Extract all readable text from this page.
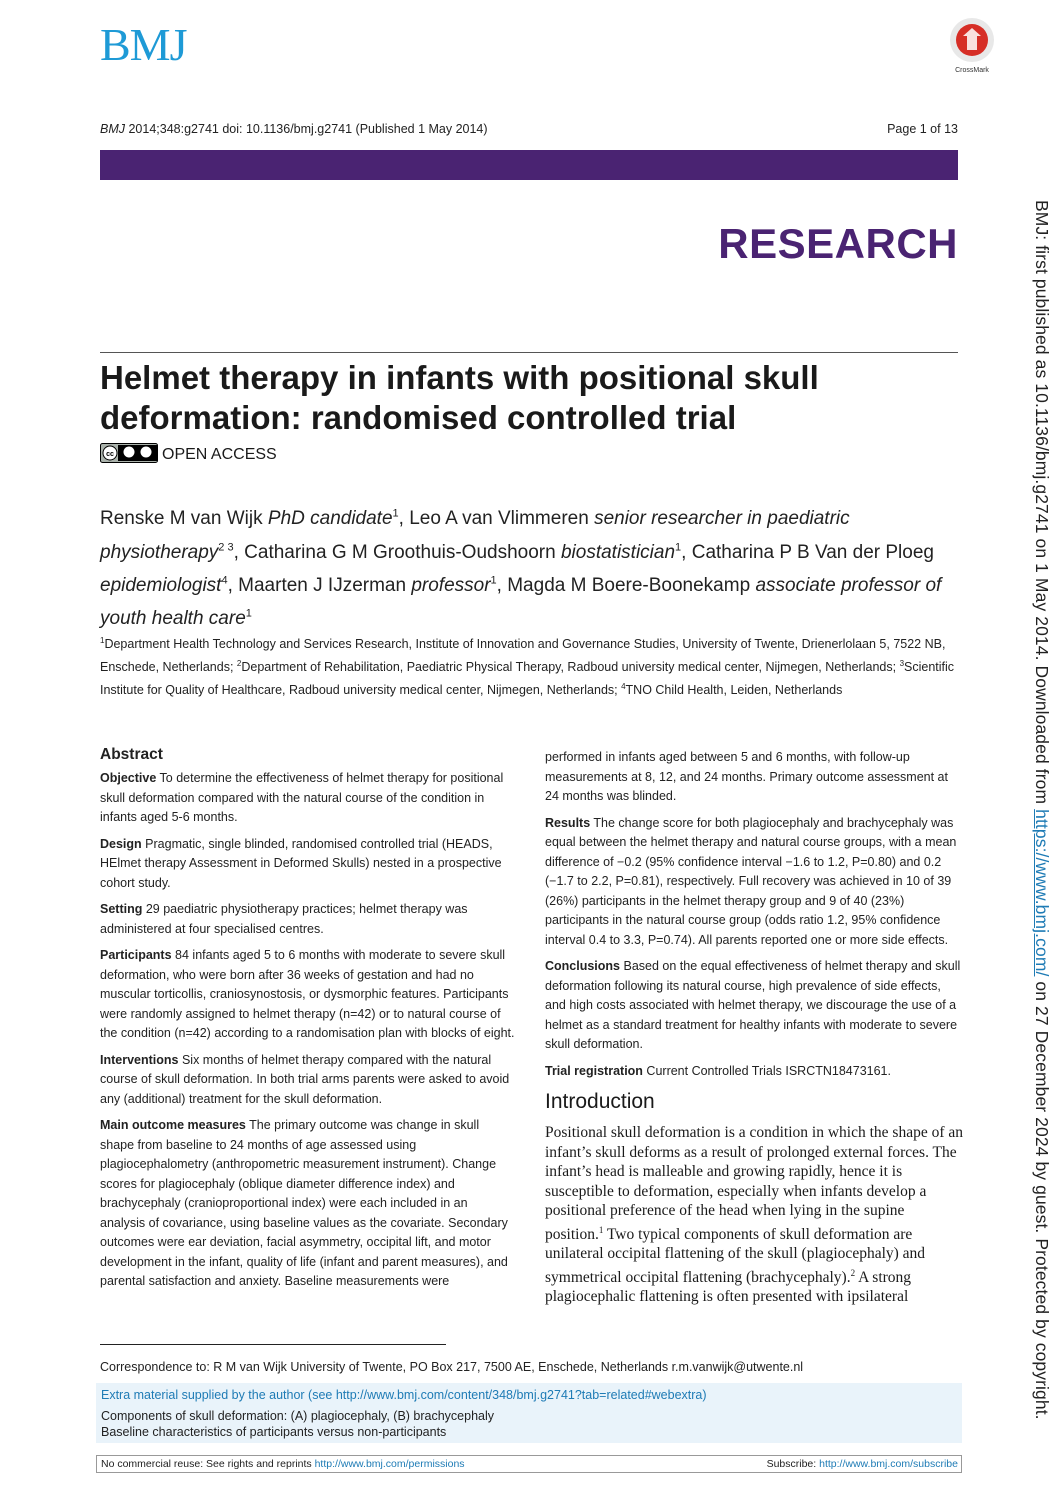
BMJ
CrossMark
BMJ 2014;348:g2741 doi: 10.1136/bmj.g2741 (Published 1 May 2014)	Page 1 of 13
RESEARCH
Helmet therapy in infants with positional skull deformation: randomised controlled trial
cc	OPEN ACCESS
Renske M van Wijk PhD candidate$^1$, Leo A van Vlimmeren senior researcher in paediatric physiotherapy$^{2 3}$, Catharina G M Groothuis-Oudshoorn biostatistician$^1$, Catharina P B Van der Ploeg epidemiologist$^4$, Maarten J IJzerman professor$^1$, Magda M Boere-Boonekamp associate professor of youth health care$^1$
$^1$Department Health Technology and Services Research, Institute of Innovation and Governance Studies, University of Twente, Drienerlolaan 5, 7522 NB, Enschede, Netherlands; $^2$Department of Rehabilitation, Paediatric Physical Therapy, Radboud university medical center, Nijmegen, Netherlands; $^3$Scientific Institute for Quality of Healthcare, Radboud university medical center, Nijmegen, Netherlands; $^4$TNO Child Health, Leiden, Netherlands
Abstract

Objective To determine the effectiveness of helmet therapy for positional skull deformation compared with the natural course of the condition in infants aged 5-6 months.

Design Pragmatic, single blinded, randomised controlled trial (HEADS, HElmet therapy Assessment in Deformed Skulls) nested in a prospective cohort study.

Setting 29 paediatric physiotherapy practices; helmet therapy was administered at four specialised centres.

Participants 84 infants aged 5 to 6 months with moderate to severe skull deformation, who were born after 36 weeks of gestation and had no muscular torticollis, craniosynostosis, or dysmorphic features. Participants were randomly assigned to helmet therapy (n=42) or to natural course of the condition (n=42) according to a randomisation plan with blocks of eight.

Interventions Six months of helmet therapy compared with the natural course of skull deformation. In both trial arms parents were asked to avoid any (additional) treatment for the skull deformation.

Main outcome measures The primary outcome was change in skull shape from baseline to 24 months of age assessed using plagiocephalometry (anthropometric measurement instrument). Change scores for plagiocephaly (oblique diameter difference index) and brachycephaly (cranioproportional index) were each included in an analysis of covariance, using baseline values as the covariate. Secondary outcomes were ear deviation, facial asymmetry, occipital lift, and motor development in the infant, quality of life (infant and parent measures), and parental satisfaction and anxiety. Baseline measurements were

performed in infants aged between 5 and 6 months, with follow-up measurements at 8, 12, and 24 months. Primary outcome assessment at 24 months was blinded.

Results The change score for both plagiocephaly and brachycephaly was equal between the helmet therapy and natural course groups, with a mean difference of −0.2 (95% confidence interval −1.6 to 1.2, P=0.80) and 0.2 (−1.7 to 2.2, P=0.81), respectively. Full recovery was achieved in 10 of 39 (26%) participants in the helmet therapy group and 9 of 40 (23%) participants in the natural course group (odds ratio 1.2, 95% confidence interval 0.4 to 3.3, P=0.74). All parents reported one or more side effects.

Conclusions Based on the equal effectiveness of helmet therapy and skull deformation following its natural course, high prevalence of side effects, and high costs associated with helmet therapy, we discourage the use of a helmet as a standard treatment for healthy infants with moderate to severe skull deformation.

Trial registration Current Controlled Trials ISRCTN18473161.

Introduction

Positional skull deformation is a condition in which the shape of an infant’s skull deforms as a result of prolonged external forces. The infant’s head is malleable and growing rapidly, hence it is susceptible to deformation, especially when infants develop a positional preference of the head when lying in the supine position.$^1$ Two typical components of skull deformation are unilateral occipital flattening of the skull (plagiocephaly) and symmetrical occipital flattening (brachycephaly).$^2$ A strong plagiocephalic flattening is often presented with ipsilateral

Correspondence to: R M van Wijk University of Twente, PO Box 217, 7500 AE, Enschede, Netherlands r.m.vanwijk@utwente.nl
Extra material supplied by the author (see http://www.bmj.com/content/348/bmj.g2741?tab=related#webextra)
Components of skull deformation: (A) plagiocephaly, (B) brachycephaly
Baseline characteristics of participants versus non-participants
No commercial reuse: See rights and reprints http://www.bmj.com/permissions	Subscribe: http://www.bmj.com/subscribe
BMJ: first published as 10.1136/bmj.g2741 on 1 May 2014. Downloaded from https://www.bmj.com/ on 27 December 2024 by guest. Protected by copyright.
